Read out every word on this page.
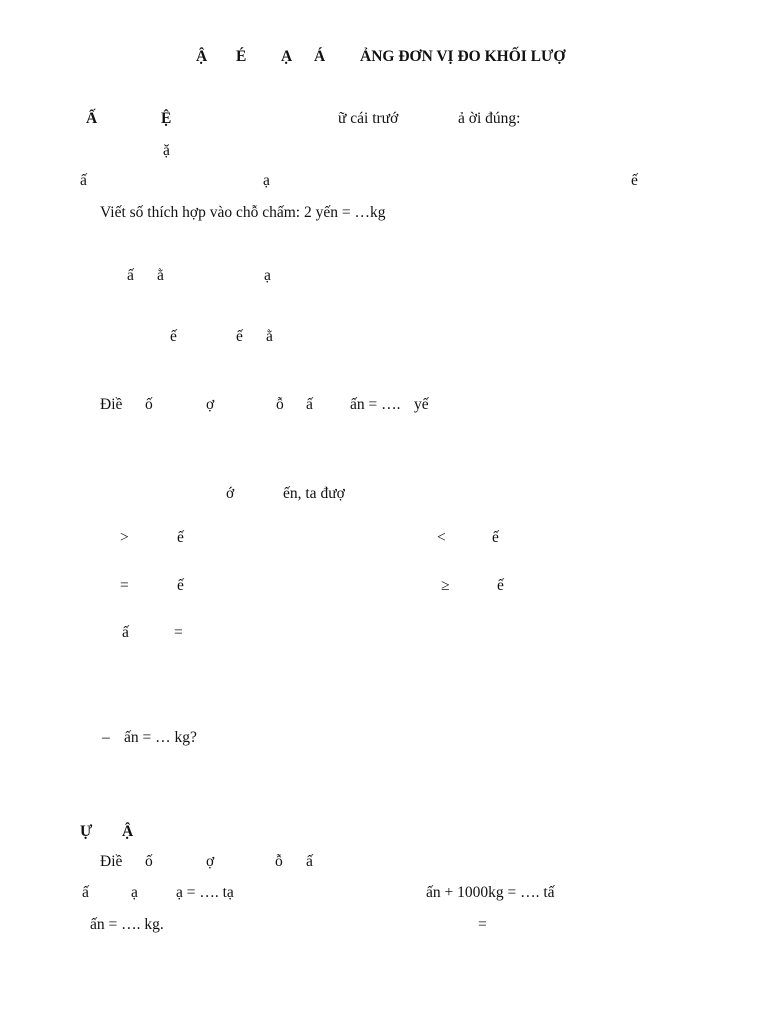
Ậ É Ạ Á ẢNG ĐƠN VỊ ĐO KHỐI LƯỢ
Ấ	Ệ	ữ cái trướ	ả ời đúng:
ặ
ấ	ạ	ế
Viết số thích hợp vào chỗ chấm: 2 yến = …kg
ấ ằ	ạ
ế	ế ằ
Điề ố	ợ	ỗ ấ ấn = …. yế
ớ	ến, ta đượ
>	ế	<	ế
=	ế	≥	ế
ấ	=
– ấn = … kg?
Ự Ậ
Điề ố	ợ	ỗ ấ
ấ	ạ ạ = …. tạ	ấn + 1000kg = …. tấ
ấn = …. kg.	=
